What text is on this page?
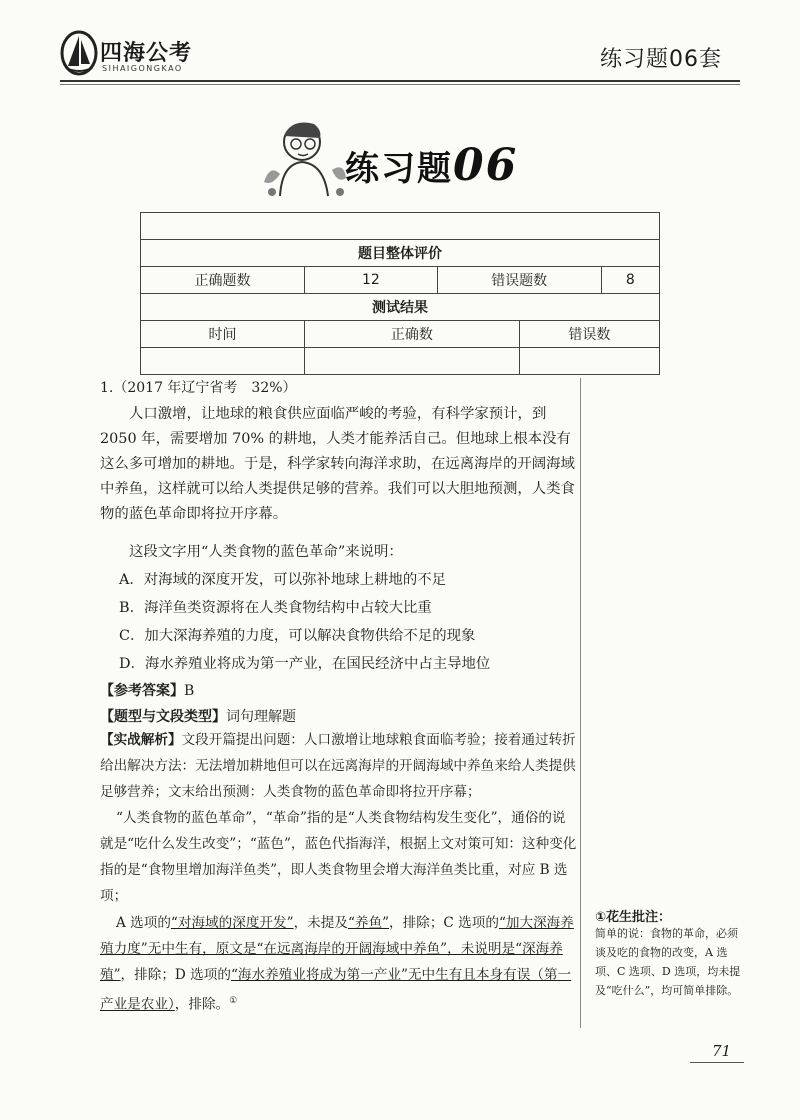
四海公考
SIHAIGONGKAO	练习题06套
练习题06

题目整体评价				
正确题数	12	错误题数		8
测试结果				
时间	正确数		错误数	

1.（2017 年辽宁省考　32%）

人口激增，让地球的粮食供应面临严峻的考验，有科学家预计，到 2050 年，需要增加 70% 的耕地，人类才能养活自己。但地球上根本没有这么多可增加的耕地。于是，科学家转向海洋求助，在远离海岸的开阔海域中养鱼，这样就可以给人类提供足够的营养。我们可以大胆地预测，人类食物的蓝色革命即将拉开序幕。

这段文字用“人类食物的蓝色革命”来说明：
A．对海域的深度开发，可以弥补地球上耕地的不足
B．海洋鱼类资源将在人类食物结构中占较大比重
C．加大深海养殖的力度，可以解决食物供给不足的现象
D．海水养殖业将成为第一产业，在国民经济中占主导地位
【参考答案】B
【题型与文段类型】词句理解题

【实战解析】文段开篇提出问题：人口激增让地球粮食面临考验；接着通过转折给出解决方法：无法增加耕地但可以在远离海岸的开阔海域中养鱼来给人类提供足够营养；文末给出预测：人类食物的蓝色革命即将拉开序幕；

“人类食物的蓝色革命”，“革命”指的是“人类食物结构发生变化”，通俗的说就是“吃什么发生改变”；“蓝色”，蓝色代指海洋，根据上文对策可知：这种变化指的是“食物里增加海洋鱼类”，即人类食物里会增大海洋鱼类比重，对应 B 选项；

A 选项的“对海域的深度开发”，未提及“养鱼”，排除；C 选项的“加大深海养殖力度”无中生有，原文是“在远离海岸的开阔海域中养鱼”，未说明是“深海养殖”，排除；D 选项的“海水养殖业将成为第一产业”无中生有且本身有误（第一产业是农业），排除。①

①花生批注：

简单的说：食物的革命，必须谈及吃的食物的改变，A 选项、C 选项、D 选项，均未提及“吃什么”，均可简单排除。

71
